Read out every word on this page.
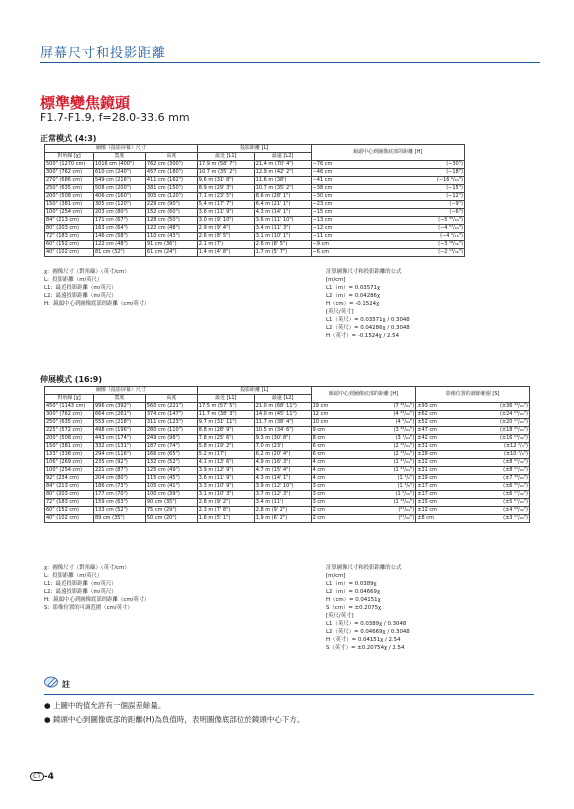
屏幕尺寸和投影距離
標準變焦鏡頭
F1.7-F1.9, f=28.0-33.6 mm
正常模式 (4:3)
圖像（投影屏幕）尺寸			投影距離 [L]		鏡頭中心到圖像底部的距離 [H]	
對角線 [χ]	寬度	高度	最近 [L1]	最遠 [L2]		
500" (1270 cm)	1016 cm (400")	762 cm (300")	17.9 m (58' 7")	21.4 m (70' 4")	−76 cm	(−30")
300" (762 cm)	610 cm (240")	457 cm (180")	10.7 m (35' 2")	12.9 m (42' 2")	−46 cm	(−18")
270" (686 cm)	549 cm (216")	411 cm (162")	9.6 m (31' 8")	11.6 m (38')	−41 cm	(−16 ⁹/₆₄")
250" (635 cm)	508 cm (200")	381 cm (150")	8.9 m (29' 3")	10.7 m (35' 2")	−38 cm	(−15")
200" (508 cm)	406 cm (160")	305 cm (120")	7.1 m (23' 5")	8.6 m (28' 1")	−30 cm	(−12")
150" (381 cm)	305 cm (120")	229 cm (90")	5.4 m (17' 7")	6.4 m (21' 1")	−23 cm	(−9")
100" (254 cm)	203 cm (80")	152 cm (60")	3.6 m (11' 9")	4.3 m (14' 1")	−15 cm	(−6")
84" (213 cm)	171 cm (67")	128 cm (50")	3.0 m (9' 10")	3.6 m (11' 10")	−13 cm	(−5 ³⁵/₆₄")
80" (203 cm)	163 cm (64")	122 cm (48")	2.9 m (9' 4")	3.4 m (11' 3")	−12 cm	(−4 ⁵⁷/₆₄")
72" (183 cm)	146 cm (58")	110 cm (43")	2.6 m (8' 5")	3.1 m (10' 1")	−11 cm	(−4 ⁵/₁₆")
60" (152 cm)	122 cm (48")	91 cm (36")	2.1 m (7')	2.6 m (8' 5")	−9 cm	(−3 ¹⁹/₃₂")
40" (102 cm)	81 cm (32")	61 cm (24")	1.4 m (4' 8")	1.7 m (5' 7")	−6 cm	(−2 ¹³/₃₂")
χ:  圖像尺寸（對角線）（英寸/cm）
L:  投影距離（m/英尺）
L1:  最近投影距離（m/英尺）
L2:  最遠投影距離（m/英尺）
H:  鏡頭中心到圖像底部的距離（cm/英寸）
計算圖像尺寸和投影距離的公式
[m/cm]
L1（m）= 0.03571χ
L2（m）= 0.04286χ
H（cm）= -0.1524χ
[英尺/英寸]
L1（英尺）= 0.03571χ / 0.3048
L2（英尺）= 0.04286χ / 0.3048
H（英寸）= -0.1524χ / 2.54
伸展模式 (16:9)
圖像（投影屏幕）尺寸			投影距離 [L]		鏡頭中心到圖像底部的距離 [H]		影像位置的調節範圍 [S]	
對角線 [χ]	寬度	高度	最近 [L1]	最遠 [L2]				
450" (1143 cm)	996 cm (392")	560 cm (221")	17.5 m (57' 5")	21.0 m (68' 11")	19 cm	(7 ³⁹/₆₄")	±93 cm	(±36 ⁴³/₆₄")
300" (762 cm)	664 cm (261")	374 cm (147")	11.7 m (38' 3")	14.0 m (45' 11")	12 cm	(4 ²³/₃₂")	±62 cm	(±24 ²³/₆₄")
250" (635 cm)	553 cm (218")	311 cm (123")	9.7 m (31' 11")	11.7 m (38' 4")	10 cm	(4 ⁵/₆₄")	±52 cm	(±20 ¹⁷/₆₄")
225" (572 cm)	498 cm (196")	280 cm (110")	8.8 m (28' 9")	10.5 m (34' 6")	9 cm	(3 ³⁹/₆₄")	±47 cm	(±18 ²⁵/₆₄")
200" (508 cm)	443 cm (174")	249 cm (98")	7.8 m (25' 6")	9.3 m (30' 8")	8 cm	(3 ¹/₆₄")	±42 cm	(±16 ¹³/₃₂")
150" (381 cm)	332 cm (131")	187 cm (74")	5.8 m (19' 2")	7.0 m (23')	6 cm	(2 ²⁹/₆₄")	±31 cm	(±12 ¹/₄")
133" (338 cm)	294 cm (116")	166 cm (65")	5.2 m (17')	6.2 m (20' 4")	6 cm	(2 ¹³/₆₄")	±28 cm	(±10 ⁷/₈")
106" (269 cm)	235 cm (92")	132 cm (52")	4.1 m (13' 6")	4.9 m (16' 3")	4 cm	(1 ⁴⁷/₆₄")	±22 cm	(±8 ²¹/₃₂")
100" (254 cm)	221 cm (87")	125 cm (49")	3.9 m (12' 9")	4.7 m (15' 4")	4 cm	(1 ⁴¹/₆₄")	±21 cm	(±8 ¹¹/₆₄")
92" (234 cm)	204 cm (80")	115 cm (45")	3.6 m (11' 9")	4.3 m (14' 1")	4 cm	(1 ¹/₂")	±19 cm	(±7 ³³/₆₄")
84" (213 cm)	186 cm (73")	105 cm (41")	3.3 m (10' 9")	3.9 m (12' 10")	3 cm	(1 ³/₈")	±17 cm	(±6 ⁵⁵/₆₄")
80" (203 cm)	177 cm (70")	100 cm (39")	3.1 m (10' 3")	3.7 m (12' 3")	3 cm	(1 ⁵/₁₆")	±17 cm	(±6 ¹⁷/₃₂")
72" (183 cm)	159 cm (63")	90 cm (35")	2.8 m (9' 2")	3.4 m (11')	3 cm	(1 ¹³/₆₄")	±15 cm	(±5 ⁵⁷/₆₄")
60" (152 cm)	133 cm (52")	75 cm (29")	2.3 m (7' 8")	2.8 m (9' 2")	2 cm	(⁶³/₆₄")	±12 cm	(±4 ²⁹/₃₂")
40" (102 cm)	89 cm (35")	50 cm (20")	1.6 m (5' 1")	1.9 m (6' 2")	2 cm	(²¹/₃₂")	±8 cm	(±3 ¹⁷/₆₄")
χ:  圖像尺寸（對角線）（英寸/cm）
L:  投影距離（m/英尺）
L1:  最近投影距離（m/英尺）
L2:  最遠投影距離（m/英尺）
H:  鏡頭中心到圖像底部的距離（cm/英寸）
S:  影像位置的可調范圍（cm/英寸）
計算圖像尺寸和投影距離的公式
[m/cm]
L1（m）= 0.0389χ
L2（m）= 0.04669χ
H（cm）= 0.04151χ
S（cm）= ±0.2075χ
[英尺/英寸]
L1（英尺）= 0.0389χ / 0.3048
L2（英尺）= 0.04669χ / 0.3048
H（英寸）= 0.04151χ / 2.54
S（英寸）= ±0.20754χ / 2.54
註
● 上圖中的值允許有一個誤差餘量。
● 鏡頭中心到圖像底部的距離(H)為負值時，表明圖像底部位於鏡頭中心下方。
CT -4
